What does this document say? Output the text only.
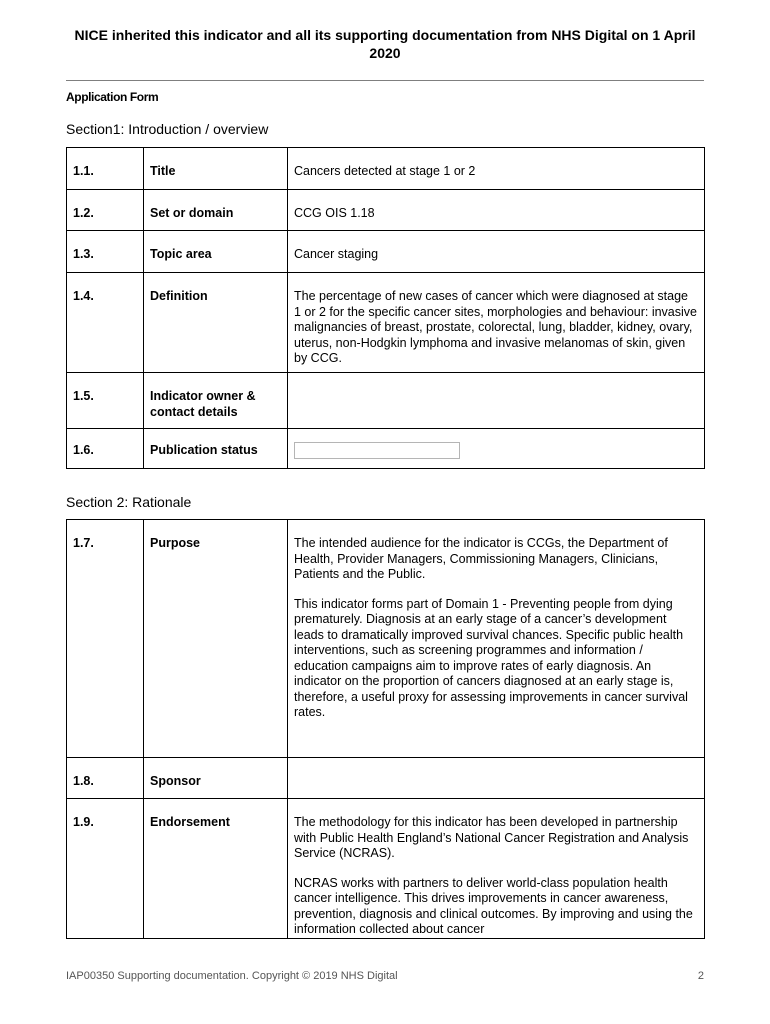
NICE inherited this indicator and all its supporting documentation from NHS Digital on 1 April 2020
Application Form
Section1: Introduction / overview
1.1.	Title	Cancers detected at stage 1 or 2

1.2.	Set or domain	CCG OIS 1.18

1.3.	Topic area	Cancer staging

1.4.	Definition	The percentage of new cases of cancer which were diagnosed at stage 1 or 2 for the specific cancer sites, morphologies and behaviour: invasive malignancies of breast, prostate, colorectal, lung, bladder, kidney, ovary, uterus, non-Hodgkin lymphoma and invasive melanomas of skin, given by CCG.

1.5.	Indicator owner & contact details	
1.6.	Publication status	
Section 2: Rationale
1.7.	Purpose	The intended audience for the indicator is CCGs, the Department of Health, Provider Managers, Commissioning Managers, Clinicians, Patients and the Public.

This indicator forms part of Domain 1 - Preventing people from dying prematurely. Diagnosis at an early stage of a cancer’s development leads to dramatically improved survival chances. Specific public health interventions, such as screening programmes and information / education campaigns aim to improve rates of early diagnosis. An indicator on the proportion of cancers diagnosed at an early stage is, therefore, a useful proxy for assessing improvements in cancer survival rates.

1.8.	Sponsor	
1.9.	Endorsement	The methodology for this indicator has been developed in partnership with Public Health England’s National Cancer Registration and Analysis Service (NCRAS).

NCRAS works with partners to deliver world-class population health cancer intelligence. This drives improvements in cancer awareness, prevention, diagnosis and clinical outcomes. By improving and using the information collected about cancer

IAP00350 Supporting documentation. Copyright © 2019 NHS Digital	2
